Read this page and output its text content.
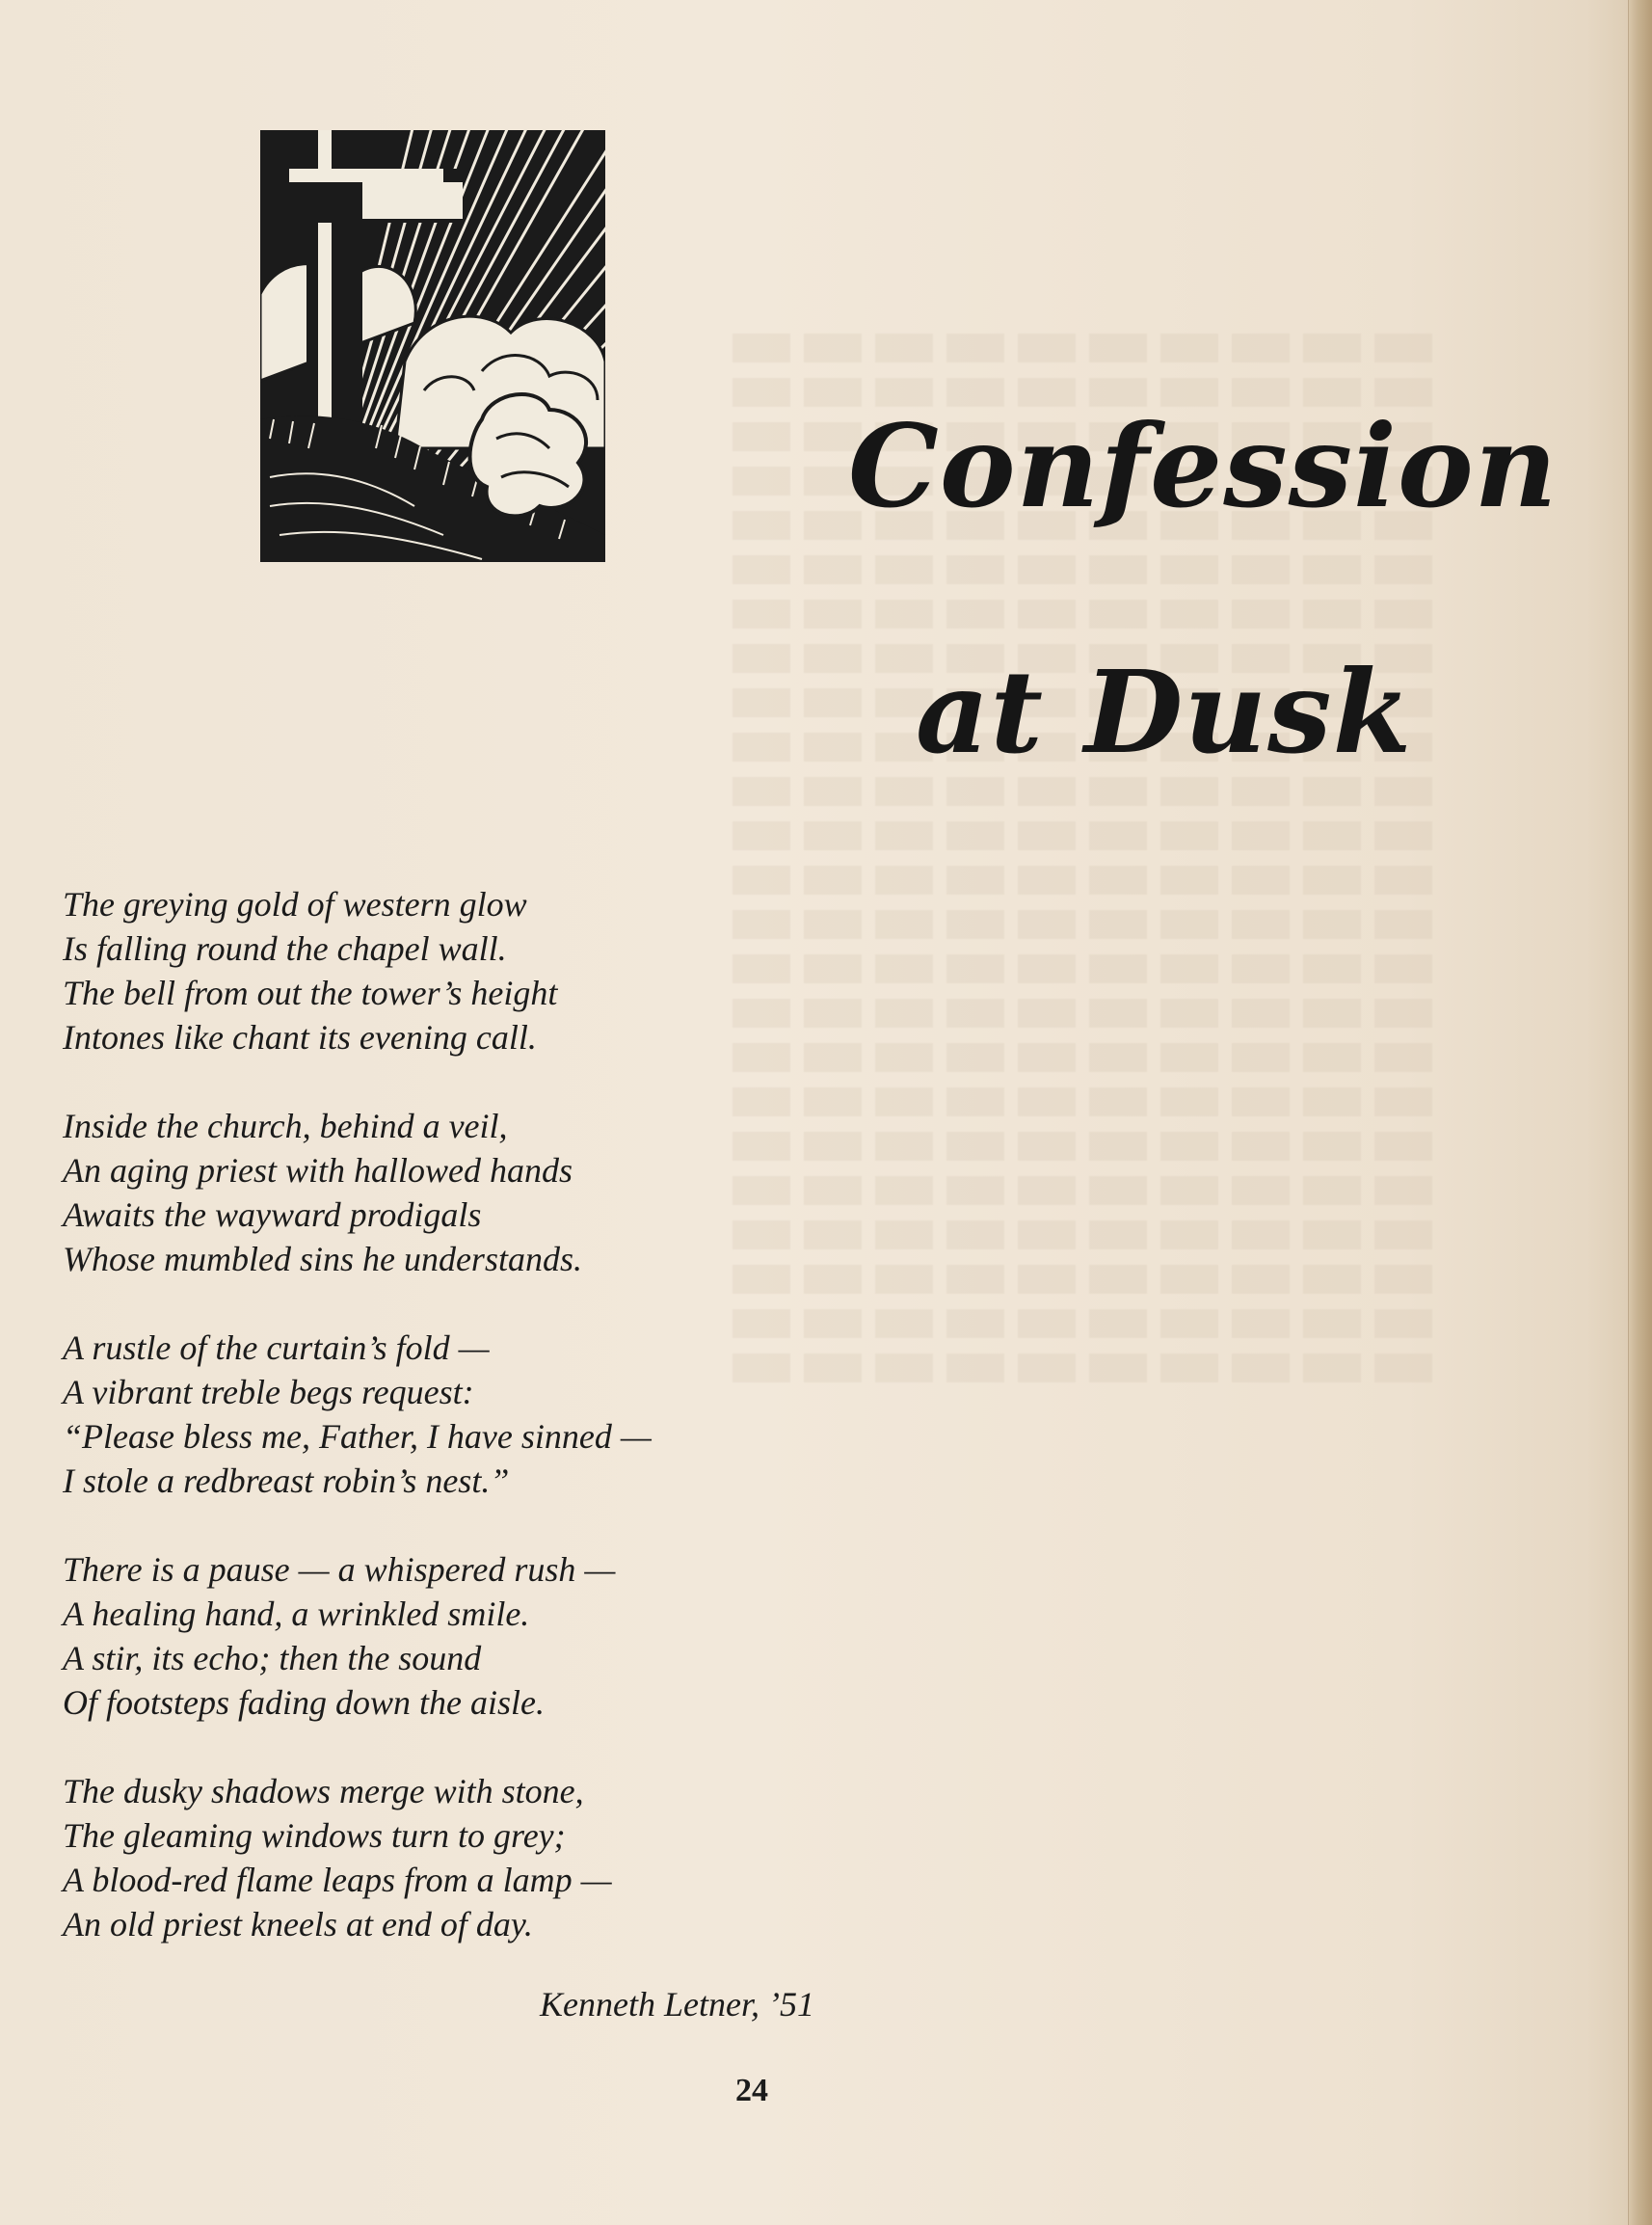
Confession
at Dusk
The greying gold of western glow
Is falling round the chapel wall.
The bell from out the tower’s height
Intones like chant its evening call.
Inside the church, behind a veil,
An aging priest with hallowed hands
Awaits the wayward prodigals
Whose mumbled sins he understands.
A rustle of the curtain’s fold —
A vibrant treble begs request:
“Please bless me, Father, I have sinned —
I stole a redbreast robin’s nest.”
There is a pause — a whispered rush —
A healing hand, a wrinkled smile.
A stir, its echo; then the sound
Of footsteps fading down the aisle.
The dusky shadows merge with stone,
The gleaming windows turn to grey;
A blood-red flame leaps from a lamp —
An old priest kneels at end of day.
Kenneth Letner, ’51
24
